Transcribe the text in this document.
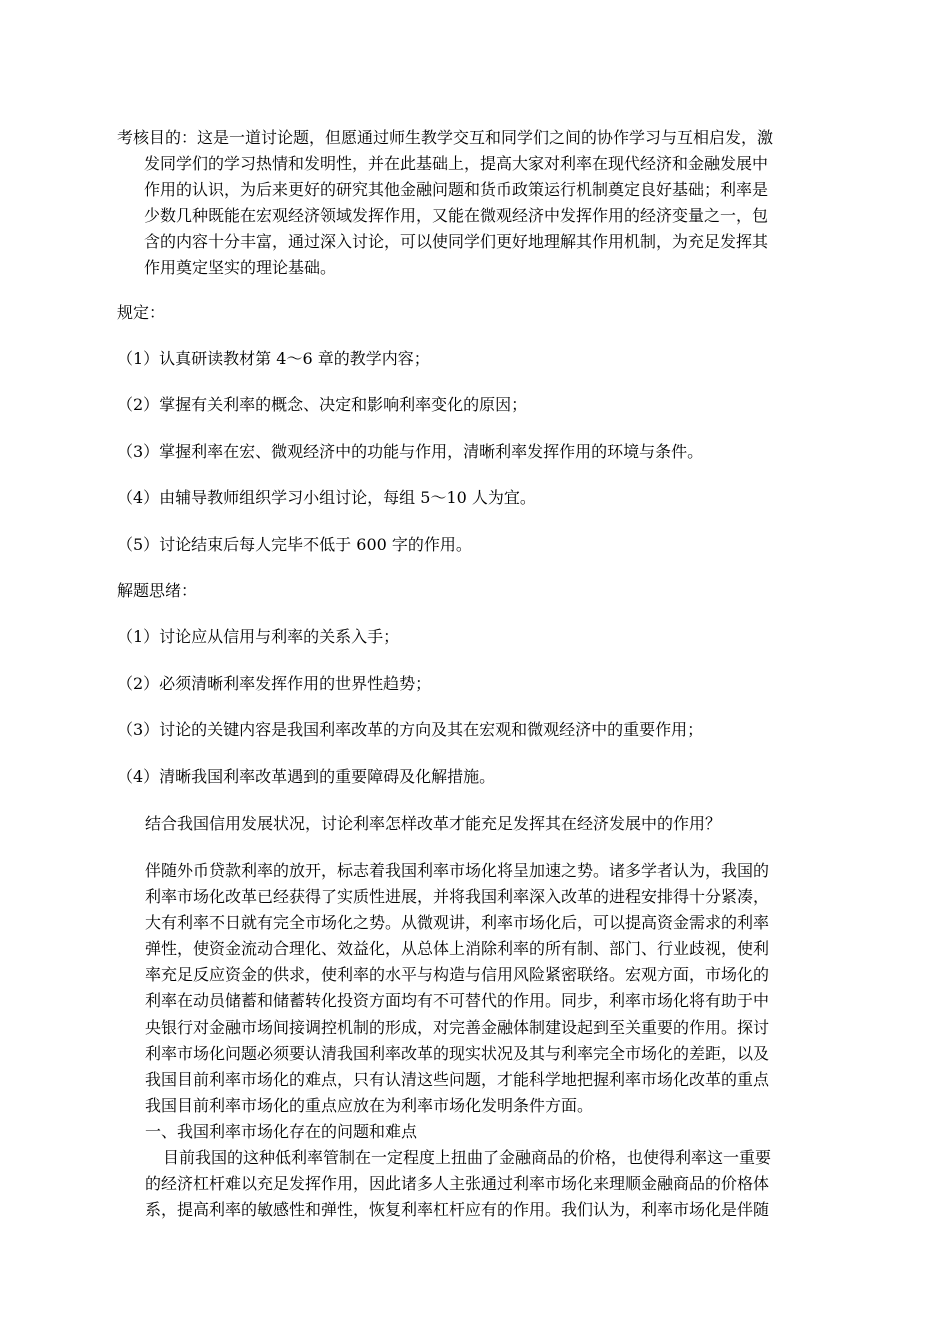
考核目的：这是一道讨论题，但愿通过师生教学交互和同学们之间的协作学习与互相启发，激
发同学们的学习热情和发明性，并在此基础上，提高大家对利率在现代经济和金融发展中
作用的认识，为后来更好的研究其他金融问题和货币政策运行机制奠定良好基础；利率是
少数几种既能在宏观经济领域发挥作用，又能在微观经济中发挥作用的经济变量之一，包
含的内容十分丰富，通过深入讨论，可以使同学们更好地理解其作用机制，为充足发挥其
作用奠定坚实的理论基础。
规定：
（1）认真研读教材第 4～6 章的教学内容；
（2）掌握有关利率的概念、决定和影响利率变化的原因；
（3）掌握利率在宏、微观经济中的功能与作用，清晰利率发挥作用的环境与条件。
（4）由辅导教师组织学习小组讨论，每组 5～10 人为宜。
（5）讨论结束后每人完毕不低于 600 字的作用。
解题思绪：
（1）讨论应从信用与利率的关系入手；
（2）必须清晰利率发挥作用的世界性趋势；
（3）讨论的关键内容是我国利率改革的方向及其在宏观和微观经济中的重要作用；
（4）清晰我国利率改革遇到的重要障碍及化解措施。
结合我国信用发展状况，讨论利率怎样改革才能充足发挥其在经济发展中的作用？
伴随外币贷款利率的放开，标志着我国利率市场化将呈加速之势。诸多学者认为，我国的
利率市场化改革已经获得了实质性进展，并将我国利率深入改革的进程安排得十分紧凑，
大有利率不日就有完全市场化之势。从微观讲，利率市场化后，可以提高资金需求的利率
弹性，使资金流动合理化、效益化，从总体上消除利率的所有制、部门、行业歧视，使利
率充足反应资金的供求，使利率的水平与构造与信用风险紧密联络。宏观方面，市场化的
利率在动员储蓄和储蓄转化投资方面均有不可替代的作用。同步，利率市场化将有助于中
央银行对金融市场间接调控机制的形成，对完善金融体制建设起到至关重要的作用。探讨
利率市场化问题必须要认清我国利率改革的现实状况及其与利率完全市场化的差距，以及
我国目前利率市场化的难点，只有认清这些问题，才能科学地把握利率市场化改革的重点
我国目前利率市场化的重点应放在为利率市场化发明条件方面。
一、我国利率市场化存在的问题和难点
目前我国的这种低利率管制在一定程度上扭曲了金融商品的价格，也使得利率这一重要
的经济杠杆难以充足发挥作用，因此诸多人主张通过利率市场化来理顺金融商品的价格体
系，提高利率的敏感性和弹性，恢复利率杠杆应有的作用。我们认为，利率市场化是伴随
